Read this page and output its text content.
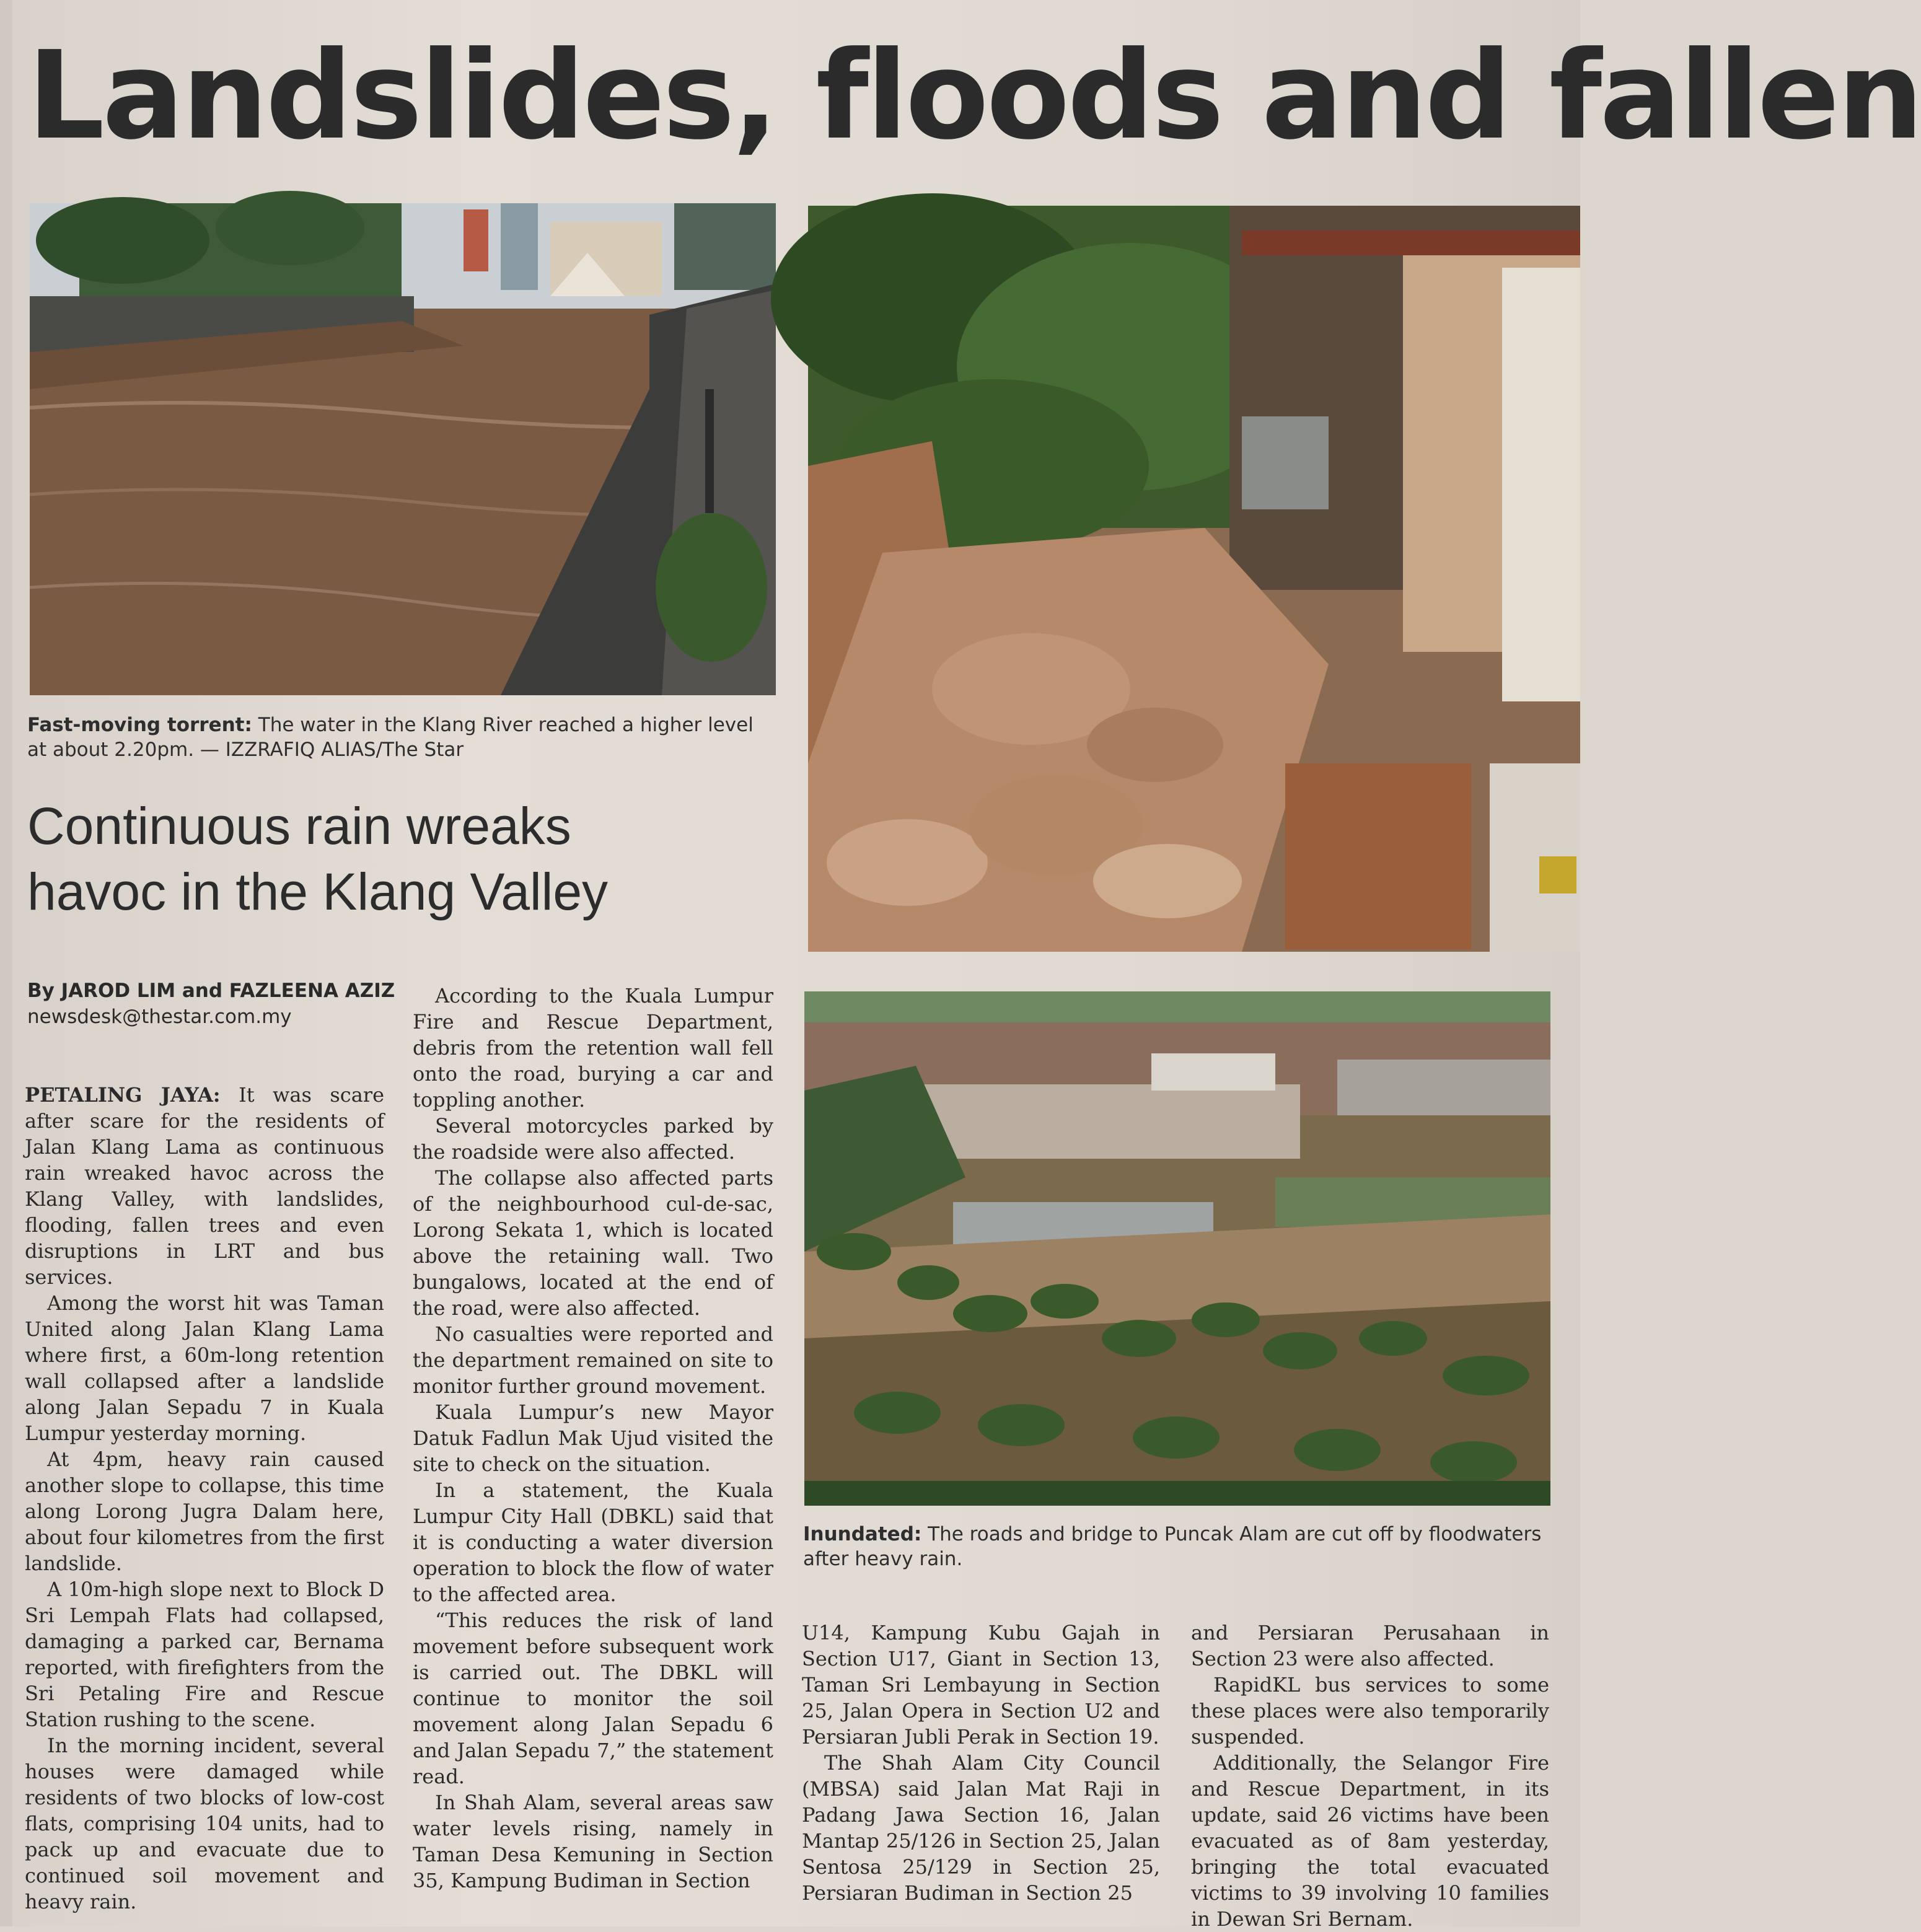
Landslides, floods and fallen
Fast-moving torrent: The water in the Klang River reached a higher level at about 2.20pm. — IZZRAFIQ ALIAS/The Star
Inundated: The roads and bridge to Puncak Alam are cut off by floodwaters after heavy rain.
Continuous rain wreaks havoc in the Klang Valley
By JAROD LIM and FAZLEENA AZIZ
newsdesk@thestar.com.my

PETALING JAYA: It was scare after scare for the residents of Jalan Klang Lama as continuous rain wreaked havoc across the Klang Valley, with landslides, flooding, fallen trees and even disruptions in LRT and bus services.

Among the worst hit was Taman United along Jalan Klang Lama where first, a 60m-long retention wall collapsed after a landslide along Jalan Sepadu 7 in Kuala Lumpur yesterday morning.

At 4pm, heavy rain caused another slope to collapse, this time along Lorong Jugra Dalam here, about four kilometres from the first landslide.

A 10m-high slope next to Block D Sri Lempah Flats had collapsed, damaging a parked car, Bernama reported, with firefighters from the Sri Petaling Fire and Rescue Station rushing to the scene.

In the morning incident, several houses were damaged while residents of two blocks of low-cost flats, comprising 104 units, had to pack up and evacuate due to continued soil movement and heavy rain.

According to the Kuala Lumpur Fire and Rescue Department, debris from the retention wall fell onto the road, burying a car and toppling another.

Several motorcycles parked by the roadside were also affected.

The collapse also affected parts of the neighbourhood cul-de-sac, Lorong Sekata 1, which is located above the retaining wall. Two bungalows, located at the end of the road, were also affected.

No casualties were reported and the department remained on site to monitor further ground movement.

Kuala Lumpur’s new Mayor Datuk Fadlun Mak Ujud visited the site to check on the situation.

In a statement, the Kuala Lumpur City Hall (DBKL) said that it is conducting a water diversion operation to block the flow of water to the affected area.

“This reduces the risk of land movement before subsequent work is carried out. The DBKL will continue to monitor the soil movement along Jalan Sepadu 6 and Jalan Sepadu 7,” the statement read.

In Shah Alam, several areas saw water levels rising, namely in Taman Desa Kemuning in Section 35, Kampung Budiman in Section

U14, Kampung Kubu Gajah in Section U17, Giant in Section 13, Taman Sri Lembayung in Section 25, Jalan Opera in Section U2 and Persiaran Jubli Perak in Section 19.

The Shah Alam City Council (MBSA) said Jalan Mat Raji in Padang Jawa Section 16, Jalan Mantap 25/126 in Section 25, Jalan Sentosa 25/129 in Section 25, Persiaran Budiman in Section 25

and Persiaran Perusahaan in Section 23 were also affected.

RapidKL bus services to some these places were also temporarily suspended.

Additionally, the Selangor Fire and Rescue Department, in its update, said 26 victims have been evacuated as of 8am yesterday, bringing the total evacuated victims to 39 involving 10 families in Dewan Sri Bernam.
